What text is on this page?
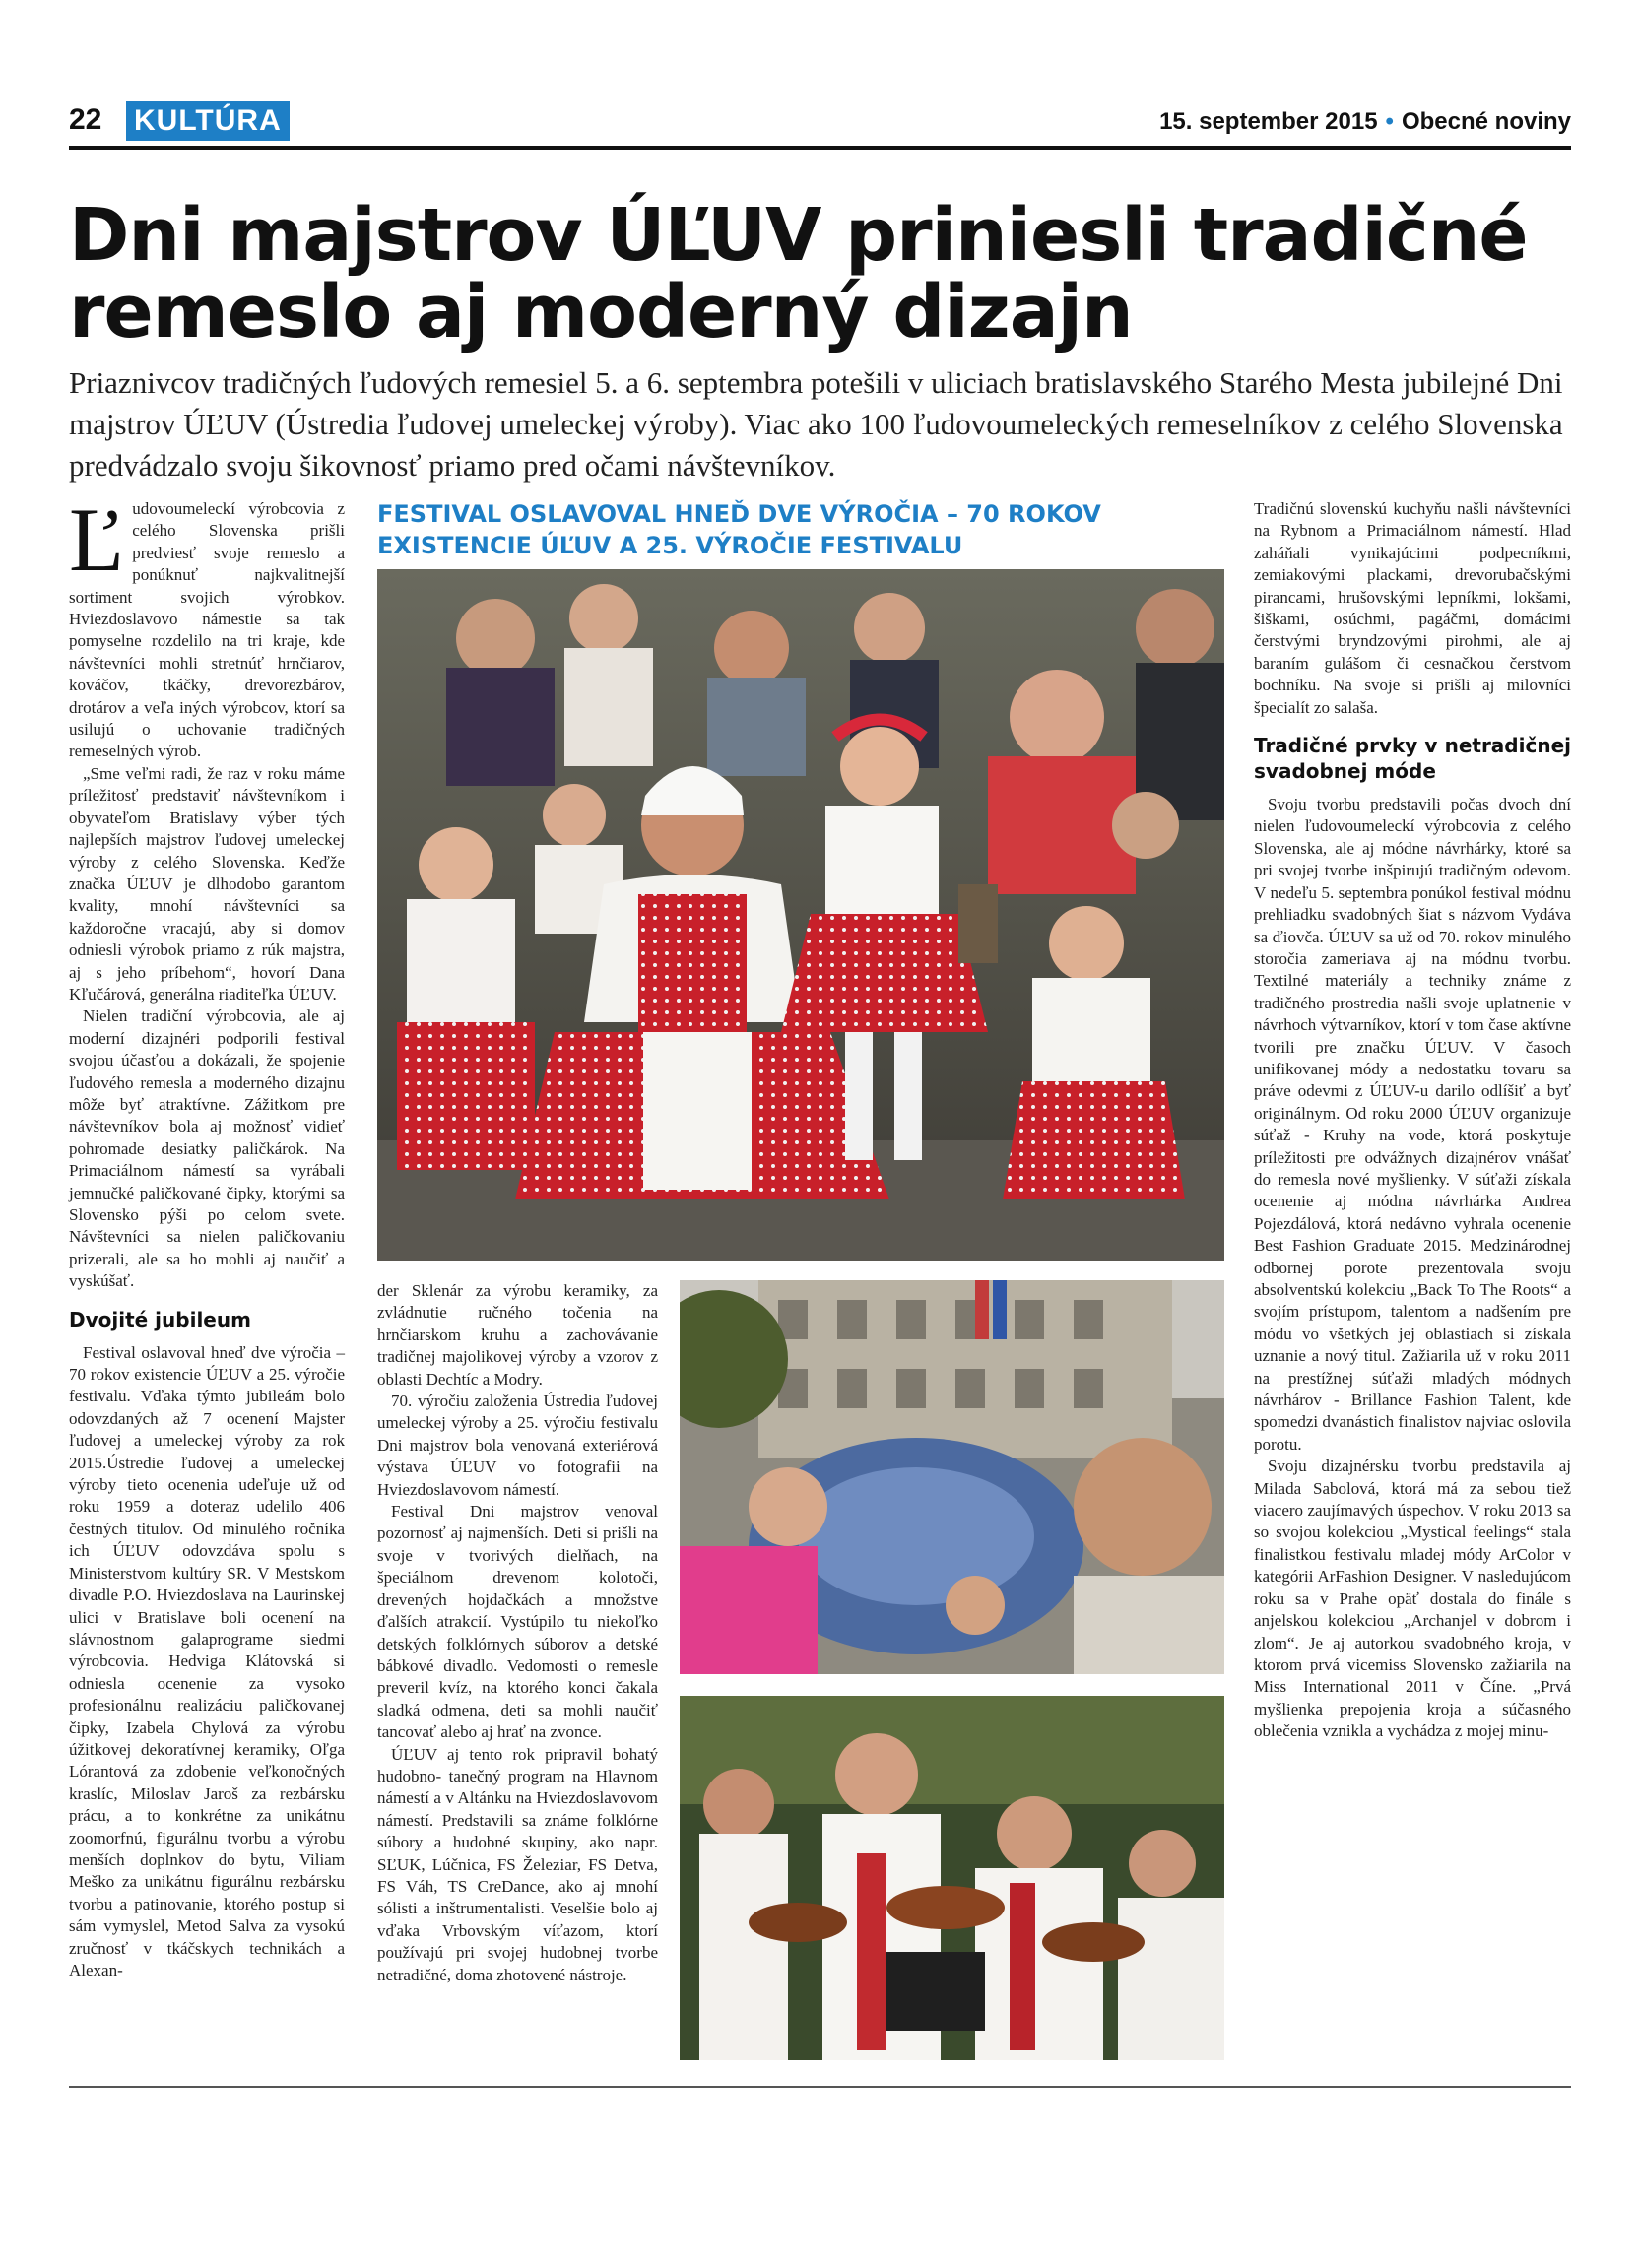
22 KULTÚRA	15. september 2015 • Obecné noviny
Dni majstrov ÚĽUV priniesli tradičné
remeslo aj moderný dizajn
Priaznivcov tradičných ľudových remesiel 5. a 6. septembra potešili v uliciach bratislavského Starého Mesta jubilejné Dni majstrov ÚĽUV (Ústredia ľudovej umeleckej výroby). Viac ako 100 ľudovoumeleckých remeselníkov z celého Slovenska predvádzalo svoju šikovnosť priamo pred očami návštevníkov.

Ľudovoumeleckí výrobcovia z celého Slovenska prišli predviesť svoje remeslo a ponúknuť najkvalitnejší sortiment svojich výrobkov. Hviezdoslavovo námestie sa tak pomyselne rozdelilo na tri kraje, kde návštevníci mohli stretnúť hrnčiarov, kováčov, tkáčky, drevorezbárov, drotárov a veľa iných výrobcov, ktorí sa usilujú o uchovanie tradičných remeselných výrob.

„Sme veľmi radi, že raz v roku máme príležitosť predstaviť návštevníkom i obyvateľom Bratislavy výber tých najlepších majstrov ľudovej umeleckej výroby z celého Slovenska. Keďže značka ÚĽUV je dlhodobo garantom kvality, mnohí návštevníci sa každoročne vracajú, aby si domov odniesli výrobok priamo z rúk majstra, aj s jeho príbehom“, hovorí Dana Kľučárová, generálna riaditeľka ÚĽUV.

Nielen tradiční výrobcovia, ale aj moderní dizajnéri podporili festival svojou účasťou a dokázali, že spojenie ľudového remesla a moderného dizajnu môže byť atraktívne. Zážitkom pre návštevníkov bola aj možnosť vidieť pohromade desiatky paličkárok. Na Primaciálnom námestí sa vyrábali jemnučké paličkované čipky, ktorými sa Slovensko pýši po celom svete. Návštevníci sa nielen paličkovaniu prizerali, ale sa ho mohli aj naučiť a vyskúšať.

Dvojité jubileum

Festival oslavoval hneď dve výročia – 70 rokov existencie ÚĽUV a 25. výročie festivalu. Vďaka týmto jubileám bolo odovzdaných až 7 ocenení Majster ľudovej a umeleckej výroby za rok 2015.Ústredie ľudovej a umeleckej výroby tieto ocenenia udeľuje už od roku 1959 a doteraz udelilo 406 čestných titulov. Od minulého ročníka ich ÚĽUV odovzdáva spolu s Ministerstvom kultúry SR. V Mestskom divadle P.O. Hviezdoslava na Laurinskej ulici v Bratislave boli ocenení na slávnostnom galaprograme siedmi výrobcovia. Hedviga Klátovská si odniesla ocenenie za vysoko profesionálnu realizáciu paličkovanej čipky, Izabela Chylová za výrobu úžitkovej dekoratívnej keramiky, Oľga Lórantová za zdobenie veľkonočných kraslíc, Miloslav Jaroš za rezbársku prácu, a to konkrétne za unikátnu zoomorfnú, figurálnu tvorbu a výrobu menších doplnkov do bytu, Viliam Meško za unikátnu figurálnu rezbársku tvorbu a patinovanie, ktorého postup si sám vymyslel, Metod Salva za vysokú zručnosť v tkáčskych technikách a Alexan-

FESTIVAL OSLAVOVAL HNEĎ DVE VÝROČIA – 70 ROKOV EXISTENCIE ÚĽUV A 25. VÝROČIE FESTIVALU

der Sklenár za výrobu keramiky, za zvládnutie ručného točenia na hrnčiarskom kruhu a zachovávanie tradičnej majolikovej výroby a vzorov z oblasti Dechtíc a Modry.

70. výročiu založenia Ústredia ľudovej umeleckej výroby a 25. výročiu festivalu Dni majstrov bola venovaná exteriérová výstava ÚĽUV vo fotografii na Hviezdoslavovom námestí.

Festival Dni majstrov venoval pozornosť aj najmenších. Deti si prišli na svoje v tvorivých dielňach, na špeciálnom drevenom kolotoči, drevených hojdačkách a množstve ďalších atrakcií. Vystúpilo tu niekoľko detských folklórnych súborov a detské bábkové divadlo. Vedomosti o remesle preveril kvíz, na ktorého konci čakala sladká odmena, deti sa mohli naučiť tancovať alebo aj hrať na zvonce.

ÚĽUV aj tento rok pripravil bohatý hudobno- tanečný program na Hlavnom námestí a v Altánku na Hviezdoslavovom námestí. Predstavili sa známe folklórne súbory a hudobné skupiny, ako napr. SĽUK, Lúčnica, FS Železiar, FS Detva, FS Váh, TS CreDance, ako aj mnohí sólisti a inštrumentalisti. Veselšie bolo aj vďaka Vrbovským víťazom, ktorí používajú pri svojej hudobnej tvorbe netradičné, doma zhotovené nástroje.

Tradičnú slovenskú kuchyňu našli návštevníci na Rybnom a Primaciálnom námestí. Hlad zaháňali vynikajúcimi podpecníkmi, zemiakovými plackami, drevorubačskými pirancami, hrušovskými lepníkmi, lokšami, šiškami, osúchmi, pagáčmi, domácimi čerstvými bryndzovými pirohmi, ale aj baraním gulášom či cesnačkou čerstvom bochníku. Na svoje si prišli aj milovníci špecialít zo salaša.

Tradičné prvky v netradičnej svadobnej móde

Svoju tvorbu predstavili počas dvoch dní nielen ľudovoumeleckí výrobcovia z celého Slovenska, ale aj módne návrhárky, ktoré sa pri svojej tvorbe inšpirujú tradičným odevom. V nedeľu 5. septembra ponúkol festival módnu prehliadku svadobných šiat s názvom Vydáva sa ďiovča. ÚĽUV sa už od 70. rokov minulého storočia zameriava aj na módnu tvorbu. Textilné materiály a techniky známe z tradičného prostredia našli svoje uplatnenie v návrhoch výtvarníkov, ktorí v tom čase aktívne tvorili pre značku ÚĽUV. V časoch unifikovanej módy a nedostatku tovaru sa práve odevmi z ÚĽUV-u darilo odlíšiť a byť originálnym. Od roku 2000 ÚĽUV organizuje súťaž - Kruhy na vode, ktorá poskytuje príležitosti pre odvážnych dizajnérov vnášať do remesla nové myšlienky. V súťaži získala ocenenie aj módna návrhárka Andrea Pojezdálová, ktorá nedávno vyhrala ocenenie Best Fashion Graduate 2015. Medzinárodnej odbornej porote prezentovala svoju absolventskú kolekciu „Back To The Roots“ a svojím prístupom, talentom a nadšením pre módu vo všetkých jej oblastiach si získala uznanie a nový titul. Zažiarila už v roku 2011 na prestížnej súťaži mladých módnych návrhárov - Brillance Fashion Talent, kde spomedzi dvanástich finalistov najviac oslovila porotu.

Svoju dizajnérsku tvorbu predstavila aj Milada Sabolová, ktorá má za sebou tiež viacero zaujímavých úspechov. V roku 2013 sa so svojou kolekciou „Mystical feelings“ stala finalistkou festivalu mladej módy ArColor v kategórii ArFashion Designer. V nasledujúcom roku sa v Prahe opäť dostala do finále s anjelskou kolekciou „Archanjel v dobrom i zlom“. Je aj autorkou svadobného kroja, v ktorom prvá vicemiss Slovensko zažiarila na Miss International 2011 v Číne. „Prvá myšlienka prepojenia kroja a súčasného oblečenia vznikla a vychádza z mojej minu-
